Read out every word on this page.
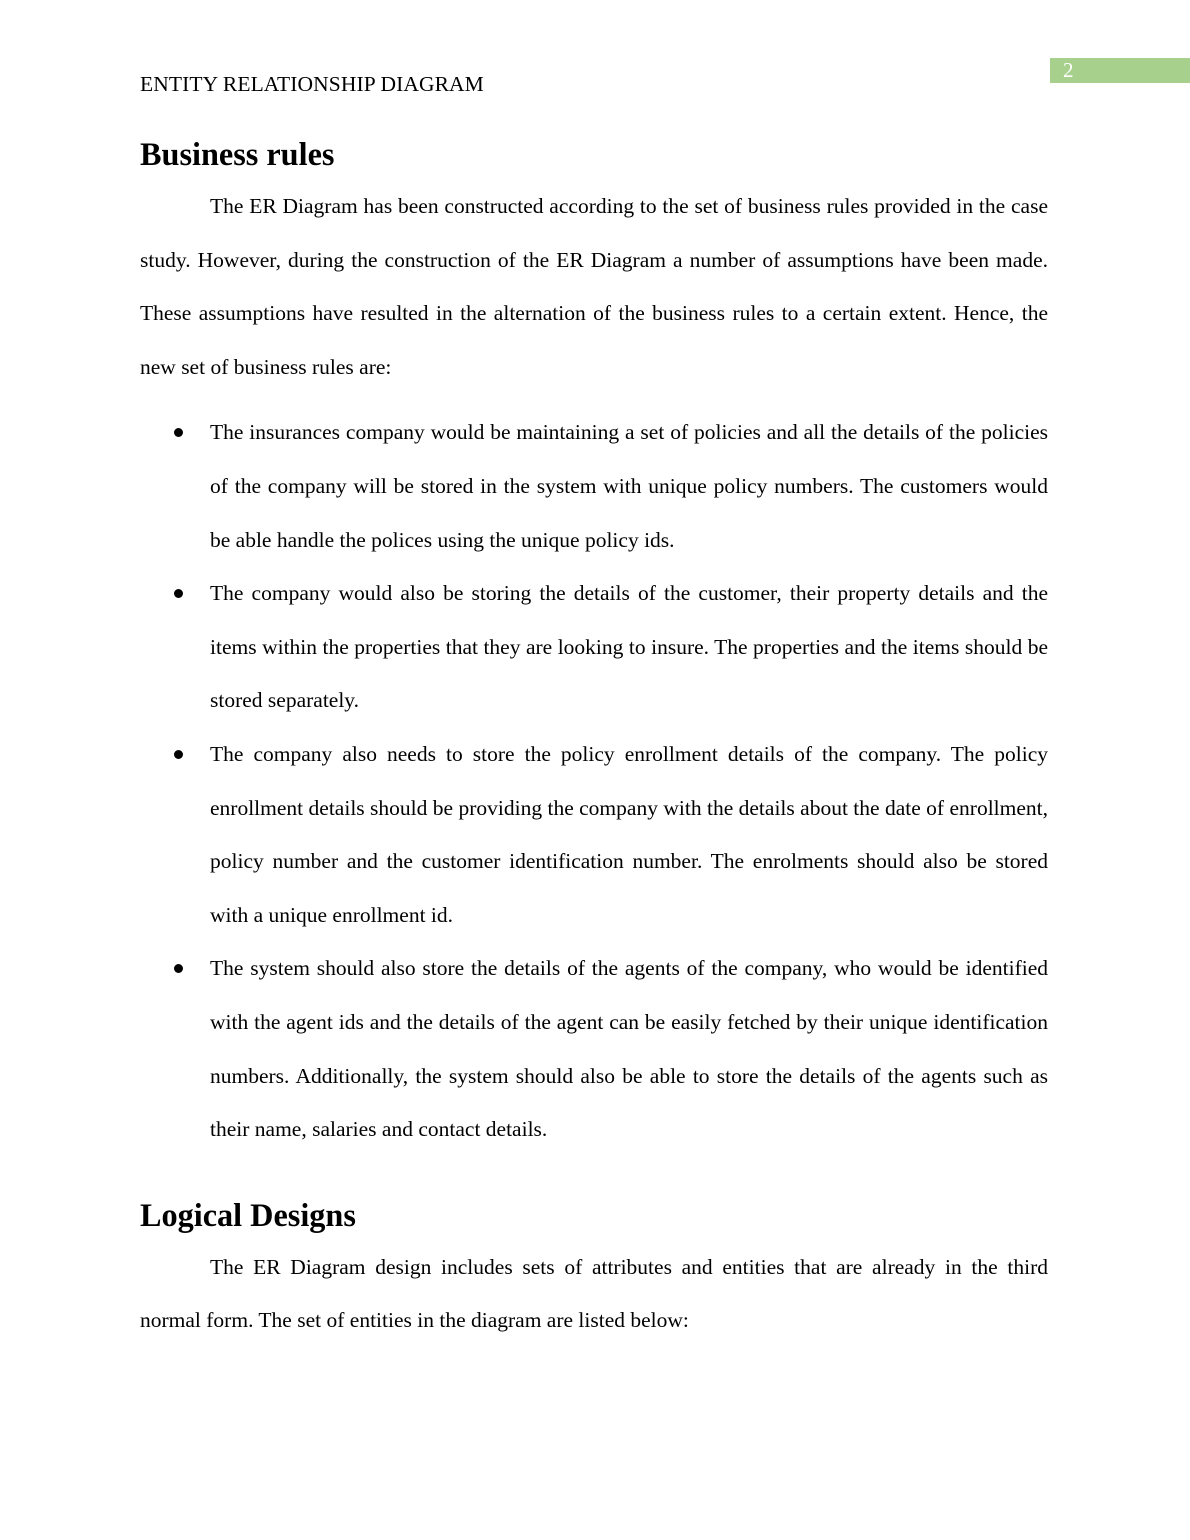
2
ENTITY RELATIONSHIP DIAGRAM
Business rules

The ER Diagram has been constructed according to the set of business rules provided in the case study. However, during the construction of the ER Diagram a number of assumptions have been made. These assumptions have resulted in the alternation of the business rules to a certain extent. Hence, the new set of business rules are:

The insurances company would be maintaining a set of policies and all the details of the policies of the company will be stored in the system with unique policy numbers. The customers would be able handle the polices using the unique policy ids.
The company would also be storing the details of the customer, their property details and the items within the properties that they are looking to insure. The properties and the items should be stored separately.
The company also needs to store the policy enrollment details of the company. The policy enrollment details should be providing the company with the details about the date of enrollment, policy number and the customer identification number. The enrolments should also be stored with a unique enrollment id.
The system should also store the details of the agents of the company, who would be identified with the agent ids and the details of the agent can be easily fetched by their unique identification numbers. Additionally, the system should also be able to store the details of the agents such as their name, salaries and contact details.
Logical Designs

The ER Diagram design includes sets of attributes and entities that are already in the third normal form. The set of entities in the diagram are listed below:
